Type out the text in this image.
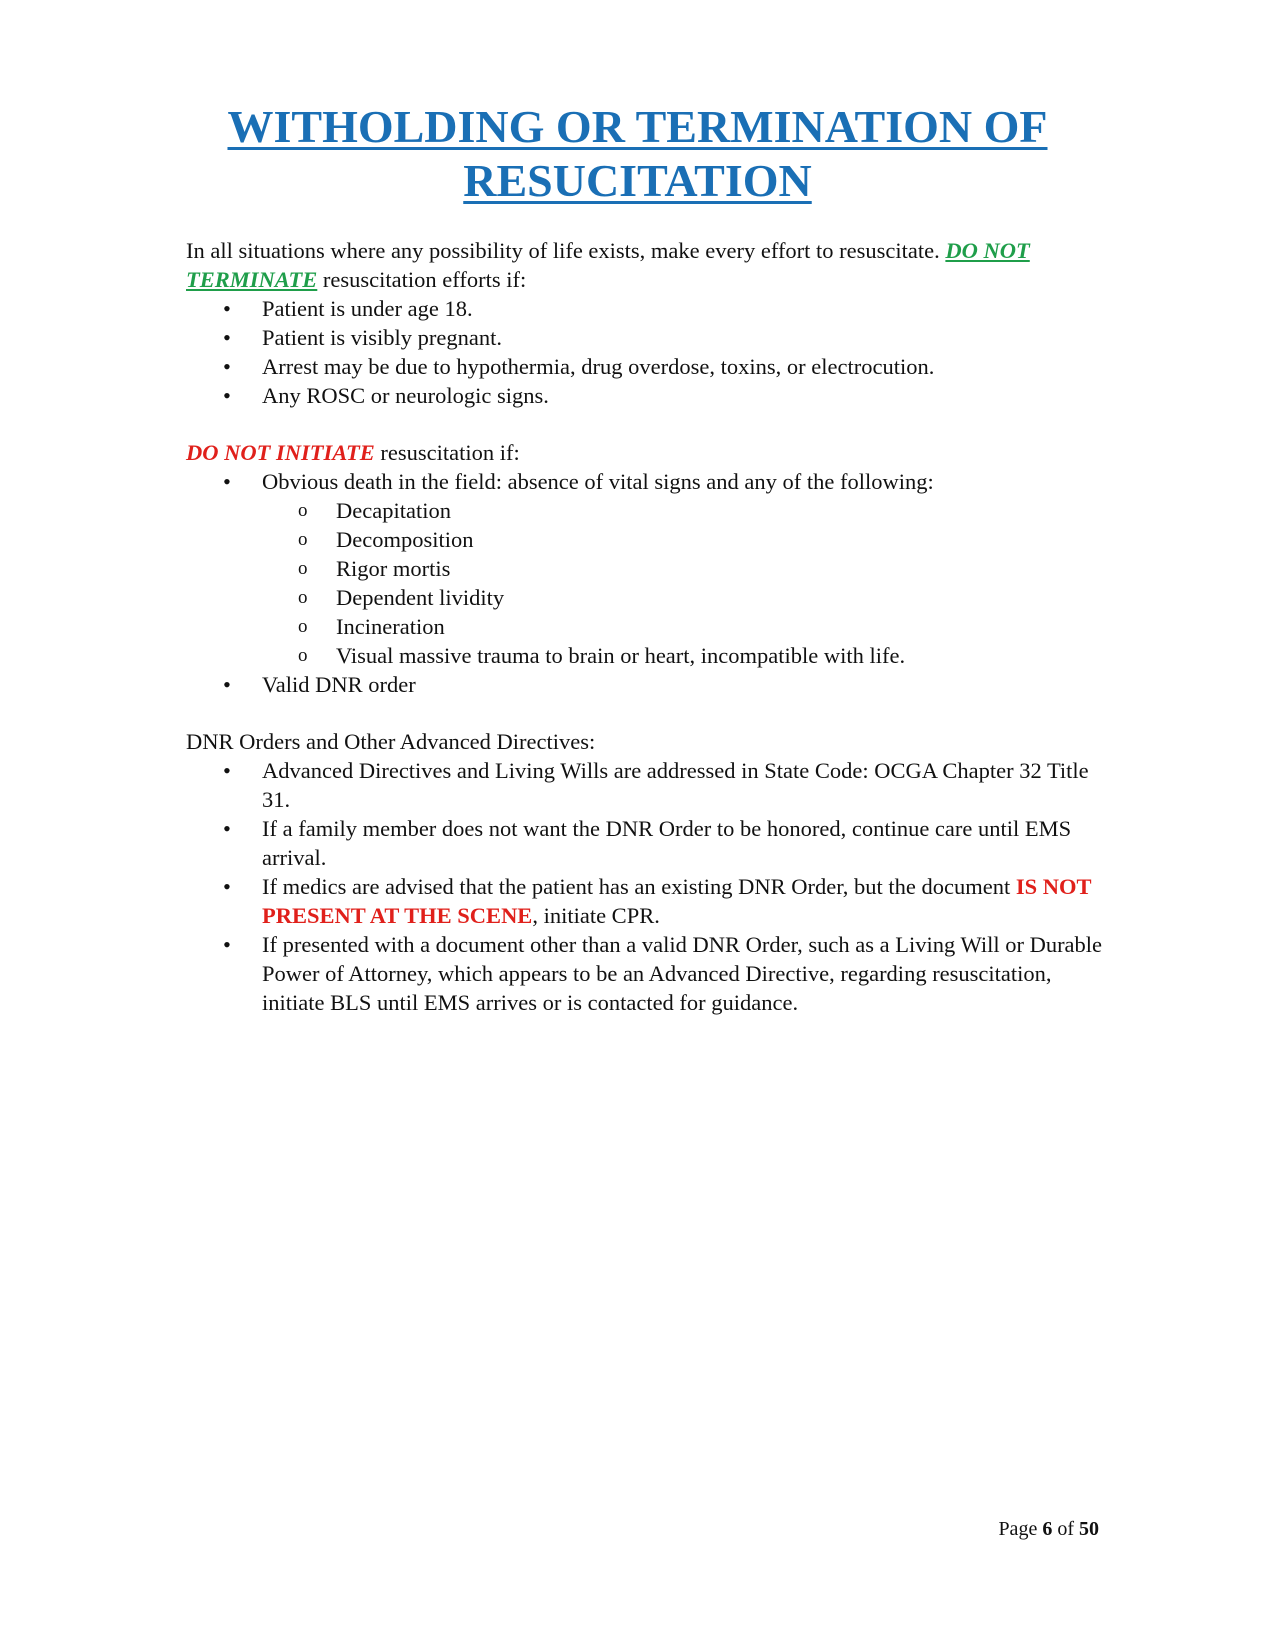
WITHOLDING OR TERMINATION OF
RESUCITATION

In all situations where any possibility of life exists, make every effort to resuscitate. DO NOT TERMINATE resuscitation efforts if:

• Patient is under age 18.
• Patient is visibly pregnant.
• Arrest may be due to hypothermia, drug overdose, toxins, or electrocution.
• Any ROSC or neurologic signs.

DO NOT INITIATE resuscitation if:

• Obvious death in the field: absence of vital signs and any of the following:
o Decapitation
o Decomposition
o Rigor mortis
o Dependent lividity
o Incineration
o Visual massive trauma to brain or heart, incompatible with life.
• Valid DNR order

DNR Orders and Other Advanced Directives:

• Advanced Directives and Living Wills are addressed in State Code: OCGA Chapter 32 Title 31.
• If a family member does not want the DNR Order to be honored, continue care until EMS arrival.
• If medics are advised that the patient has an existing DNR Order, but the document IS NOT PRESENT AT THE SCENE, initiate CPR.
• If presented with a document other than a valid DNR Order, such as a Living Will or Durable Power of Attorney, which appears to be an Advanced Directive, regarding resuscitation, initiate BLS until EMS arrives or is contacted for guidance.
Page 6 of 50
